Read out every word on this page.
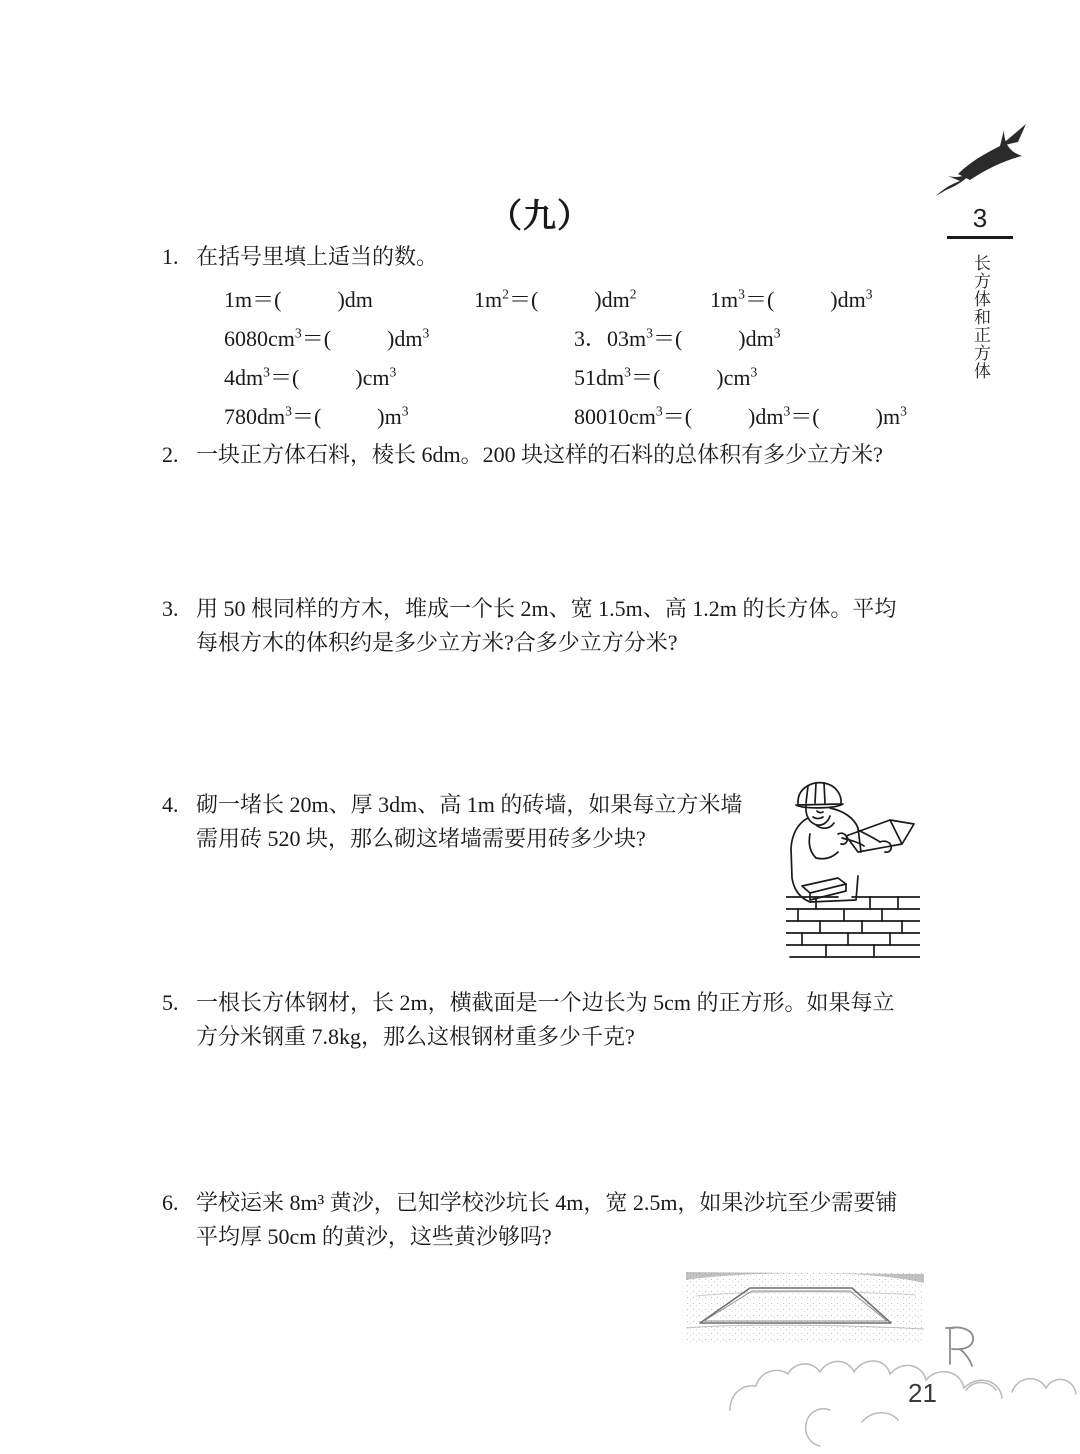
3
长方体和正方体
（九）
1. 在括号里填上适当的数。
1m＝(	)dm	$1m^2=$(	)$dm^2$	$1m^3=$(	)$dm^3$
$6080cm^3=$(	)$dm^3$	3．$03m^3=$(	)$dm^3$
$4dm^3=$(	)$cm^3$	$51dm^3=$(	)$cm^3$
$780dm^3=$(	)$m^3$	$80010cm^3=$(	)$dm^3=$(	)$m^3$
2. 一块正方体石料，棱长 6dm。200 块这样的石料的总体积有多少立方米?
3. 用 50 根同样的方木，堆成一个长 2m、宽 1.5m、高 1.2m 的长方体。平均
每根方木的体积约是多少立方米?合多少立方分米?
4. 砌一堵长 20m、厚 3dm、高 1m 的砖墙，如果每立方米墙
需用砖 520 块，那么砌这堵墙需要用砖多少块?
5. 一根长方体钢材，长 2m，横截面是一个边长为 5cm 的正方形。如果每立
方分米钢重 7.8kg，那么这根钢材重多少千克?
6. 学校运来 8m³ 黄沙，已知学校沙坑长 4m，宽 2.5m，如果沙坑至少需要铺
平均厚 50cm 的黄沙，这些黄沙够吗?
21
